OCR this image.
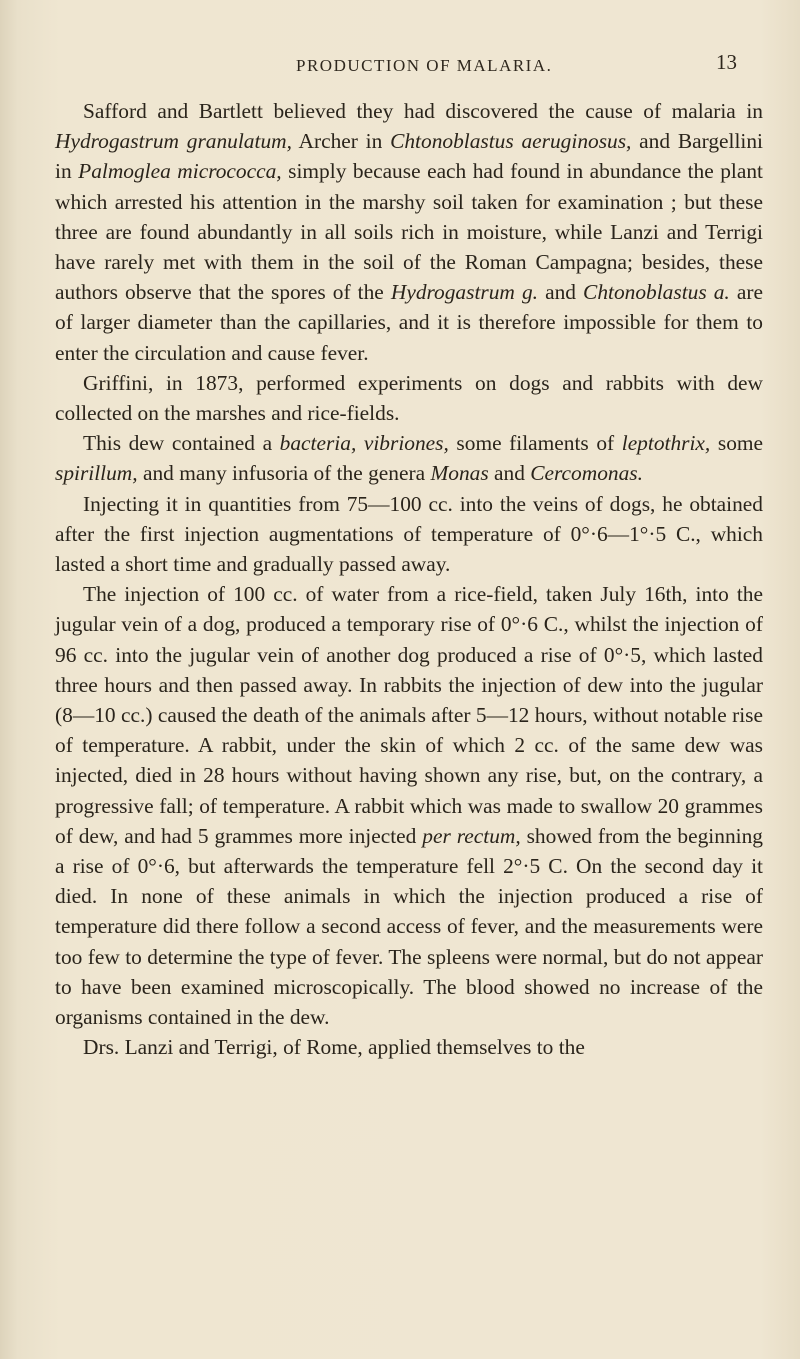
PRODUCTION OF MALARIA.	13

Safford and Bartlett believed they had discovered the cause of malaria in Hydrogastrum granulatum, Archer in Chtonoblastus aeruginosus, and Bargellini in Palmoglea micrococca, simply because each had found in abundance the plant which arrested his attention in the marshy soil taken for examination ; but these three are found abundantly in all soils rich in moisture, while Lanzi and Terrigi have rarely met with them in the soil of the Roman Campagna; besides, these authors observe that the spores of the Hydrogastrum g. and Chtonoblastus a. are of larger diameter than the capillaries, and it is therefore impossible for them to enter the circulation and cause fever.

Griffini, in 1873, performed experiments on dogs and rabbits with dew collected on the marshes and rice-fields.

This dew contained a bacteria, vibriones, some filaments of leptothrix, some spirillum, and many infusoria of the genera Monas and Cercomonas.

Injecting it in quantities from 75—100 cc. into the veins of dogs, he obtained after the first injection augmentations of temperature of 0°·6—1°·5 C., which lasted a short time and gradually passed away.

The injection of 100 cc. of water from a rice-field, taken July 16th, into the jugular vein of a dog, produced a temporary rise of 0°·6 C., whilst the injection of 96 cc. into the jugular vein of another dog produced a rise of 0°·5, which lasted three hours and then passed away. In rabbits the injection of dew into the jugular (8—10 cc.) caused the death of the animals after 5—12 hours, without notable rise of temperature. A rabbit, under the skin of which 2 cc. of the same dew was injected, died in 28 hours without having shown any rise, but, on the contrary, a progressive fall; of temperature. A rabbit which was made to swallow 20 grammes of dew, and had 5 grammes more injected per rectum, showed from the beginning a rise of 0°·6, but afterwards the temperature fell 2°·5 C. On the second day it died. In none of these animals in which the injection produced a rise of temperature did there follow a second access of fever, and the measurements were too few to determine the type of fever. The spleens were normal, but do not appear to have been examined microscopically. The blood showed no increase of the organisms contained in the dew.

Drs. Lanzi and Terrigi, of Rome, applied themselves to the
